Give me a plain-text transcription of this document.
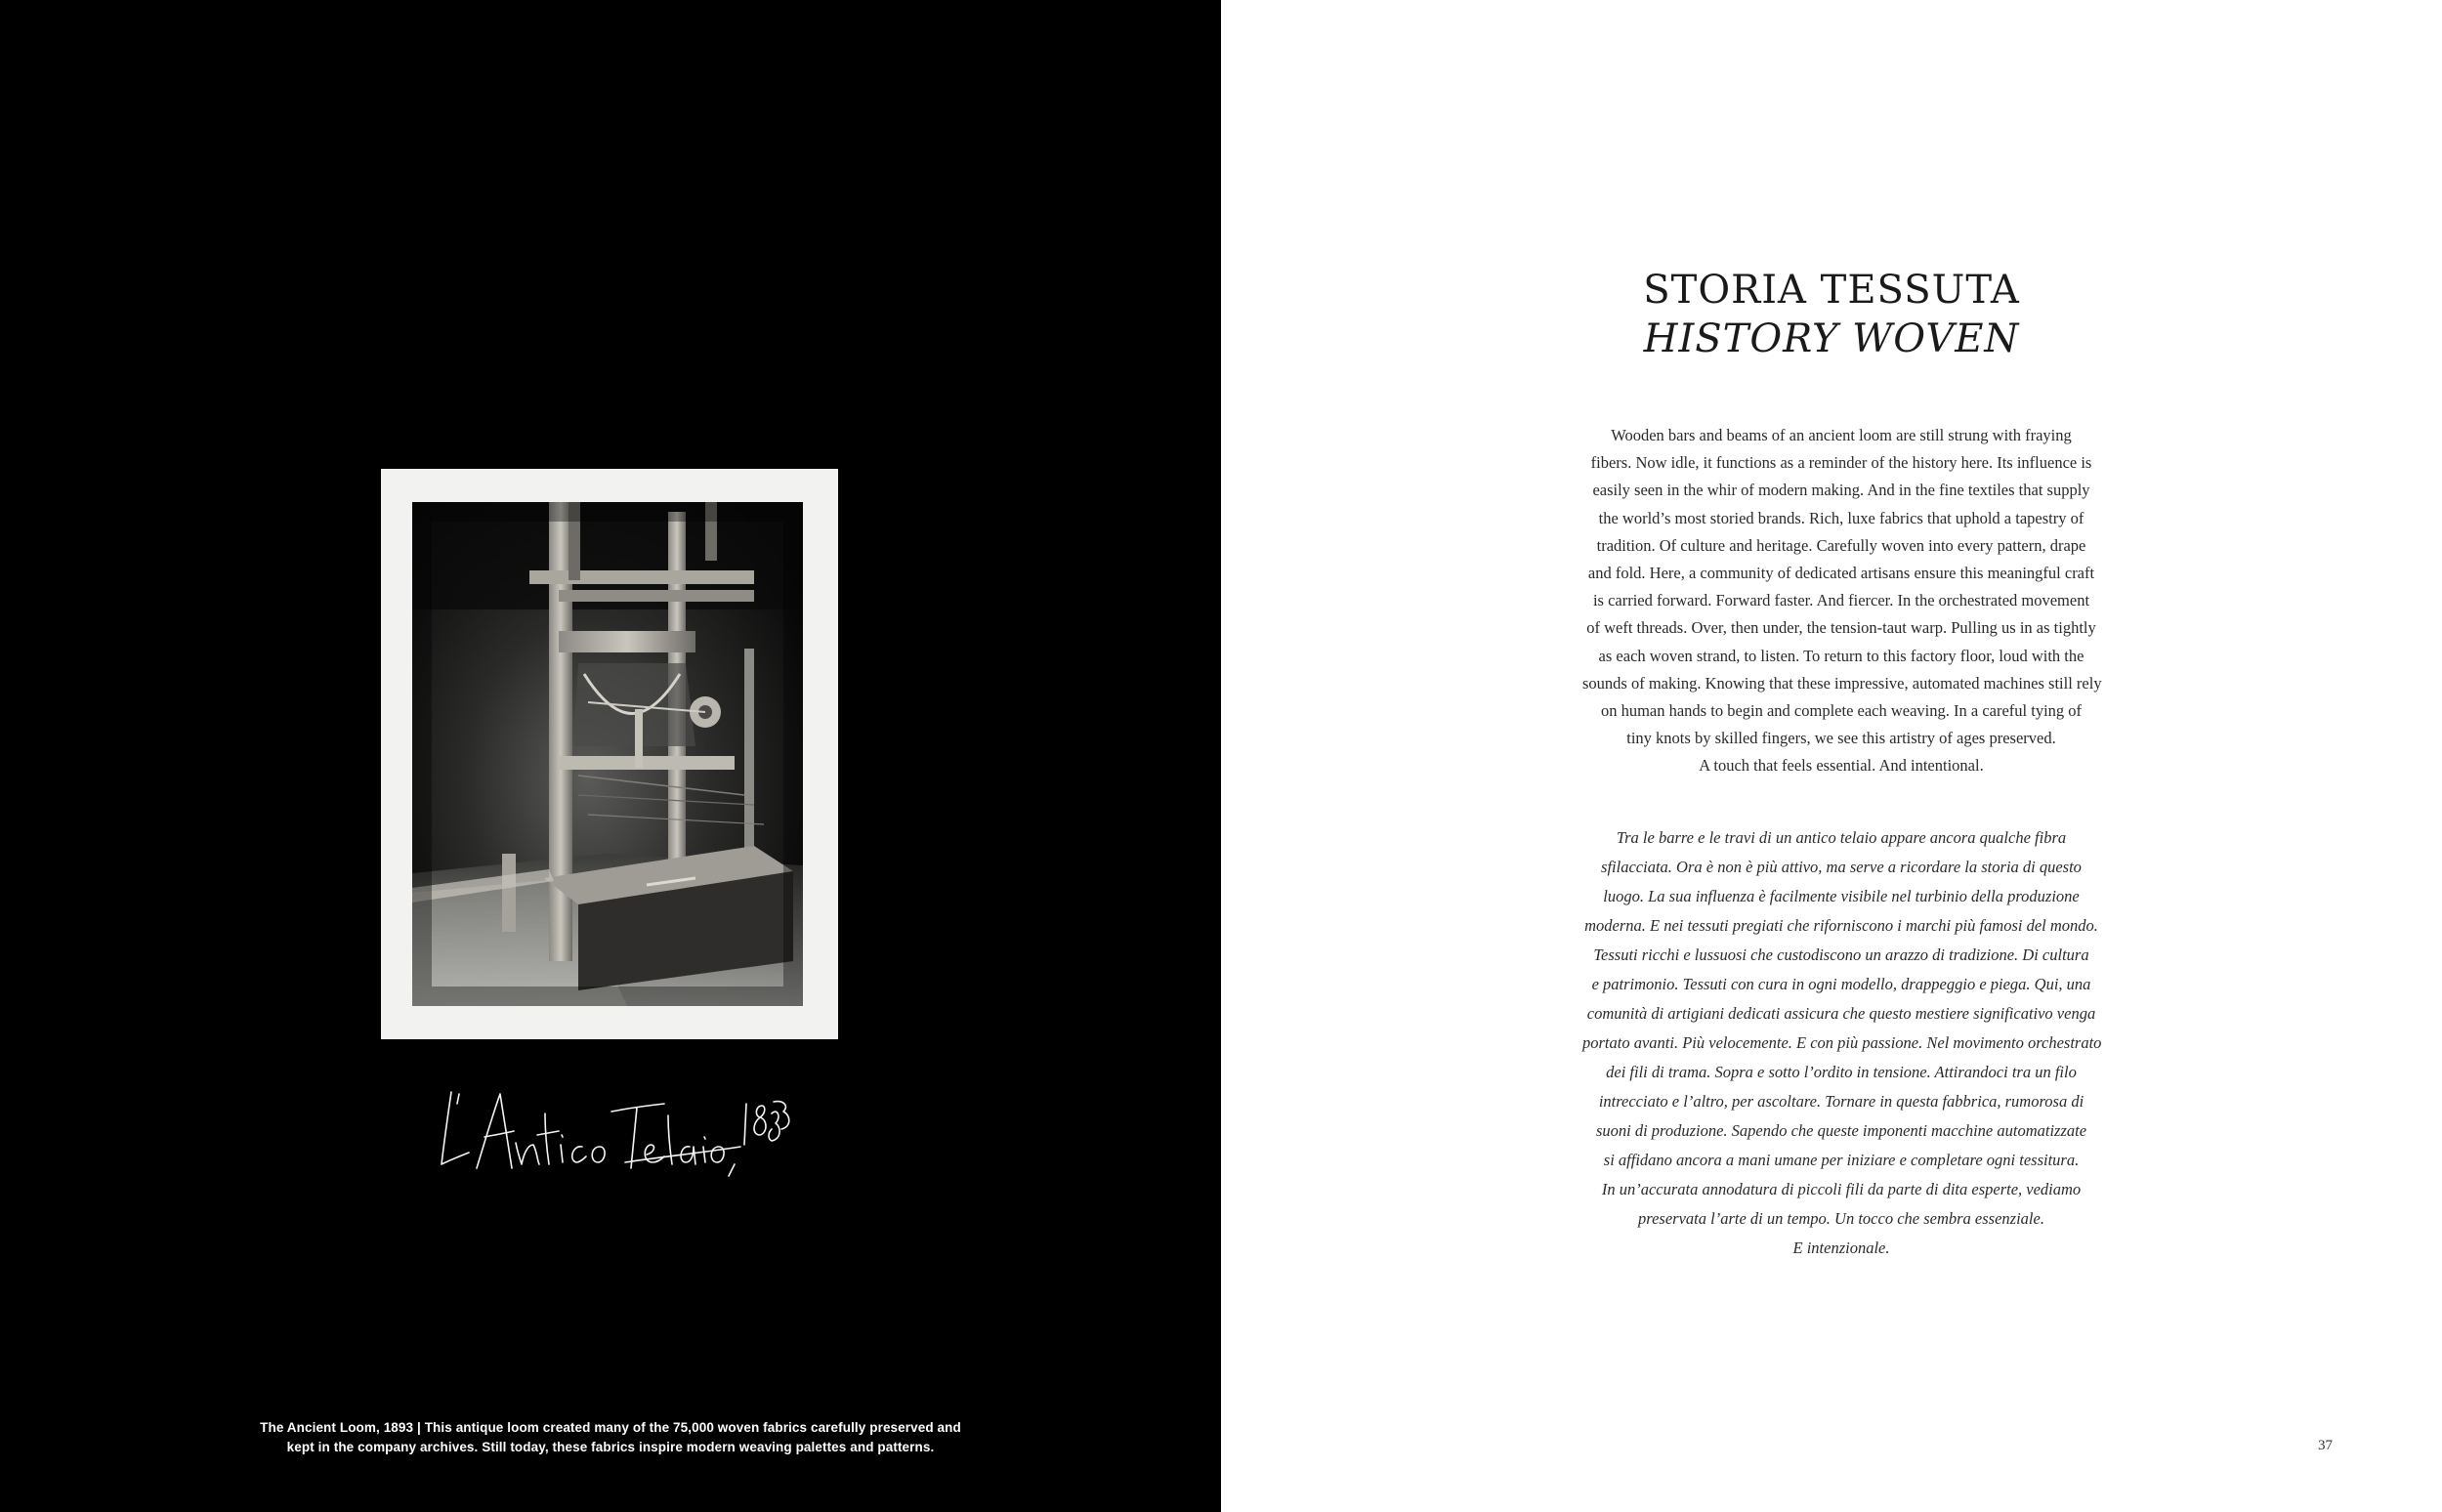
The Ancient Loom, 1893 | This antique loom created many of the 75,000 woven fabrics carefully preserved and
kept in the company archives. Still today, these fabrics inspire modern weaving palettes and patterns.
STORIA TESSUTA
HISTORY WOVEN
Wooden bars and beams of an ancient loom are still strung with fraying
fibers. Now idle, it functions as a reminder of the history here. Its influence is
easily seen in the whir of modern making. And in the fine textiles that supply
the world’s most storied brands. Rich, luxe fabrics that uphold a tapestry of
tradition. Of culture and heritage. Carefully woven into every pattern, drape
and fold. Here, a community of dedicated artisans ensure this meaningful craft
is carried forward. Forward faster. And fiercer. In the orchestrated movement
of weft threads. Over, then under, the tension-taut warp. Pulling us in as tightly
as each woven strand, to listen. To return to this factory floor, loud with the
sounds of making. Knowing that these impressive, automated machines still rely
on human hands to begin and complete each weaving. In a careful tying of
tiny knots by skilled fingers, we see this artistry of ages preserved.
A touch that feels essential. And intentional.
Tra le barre e le travi di un antico telaio appare ancora qualche fibra
sfilacciata. Ora è non è più attivo, ma serve a ricordare la storia di questo
luogo. La sua influenza è facilmente visibile nel turbinio della produzione
moderna. E nei tessuti pregiati che riforniscono i marchi più famosi del mondo.
Tessuti ricchi e lussuosi che custodiscono un arazzo di tradizione. Di cultura
e patrimonio. Tessuti con cura in ogni modello, drappeggio e piega. Qui, una
comunità di artigiani dedicati assicura che questo mestiere significativo venga
portato avanti. Più velocemente. E con più passione. Nel movimento orchestrato
dei fili di trama. Sopra e sotto l’ordito in tensione. Attirandoci tra un filo
intrecciato e l’altro, per ascoltare. Tornare in questa fabbrica, rumorosa di
suoni di produzione. Sapendo che queste imponenti macchine automatizzate
si affidano ancora a mani umane per iniziare e completare ogni tessitura.
In un’accurata annodatura di piccoli fili da parte di dita esperte, vediamo
preservata l’arte di un tempo. Un tocco che sembra essenziale.
E intenzionale.
37
